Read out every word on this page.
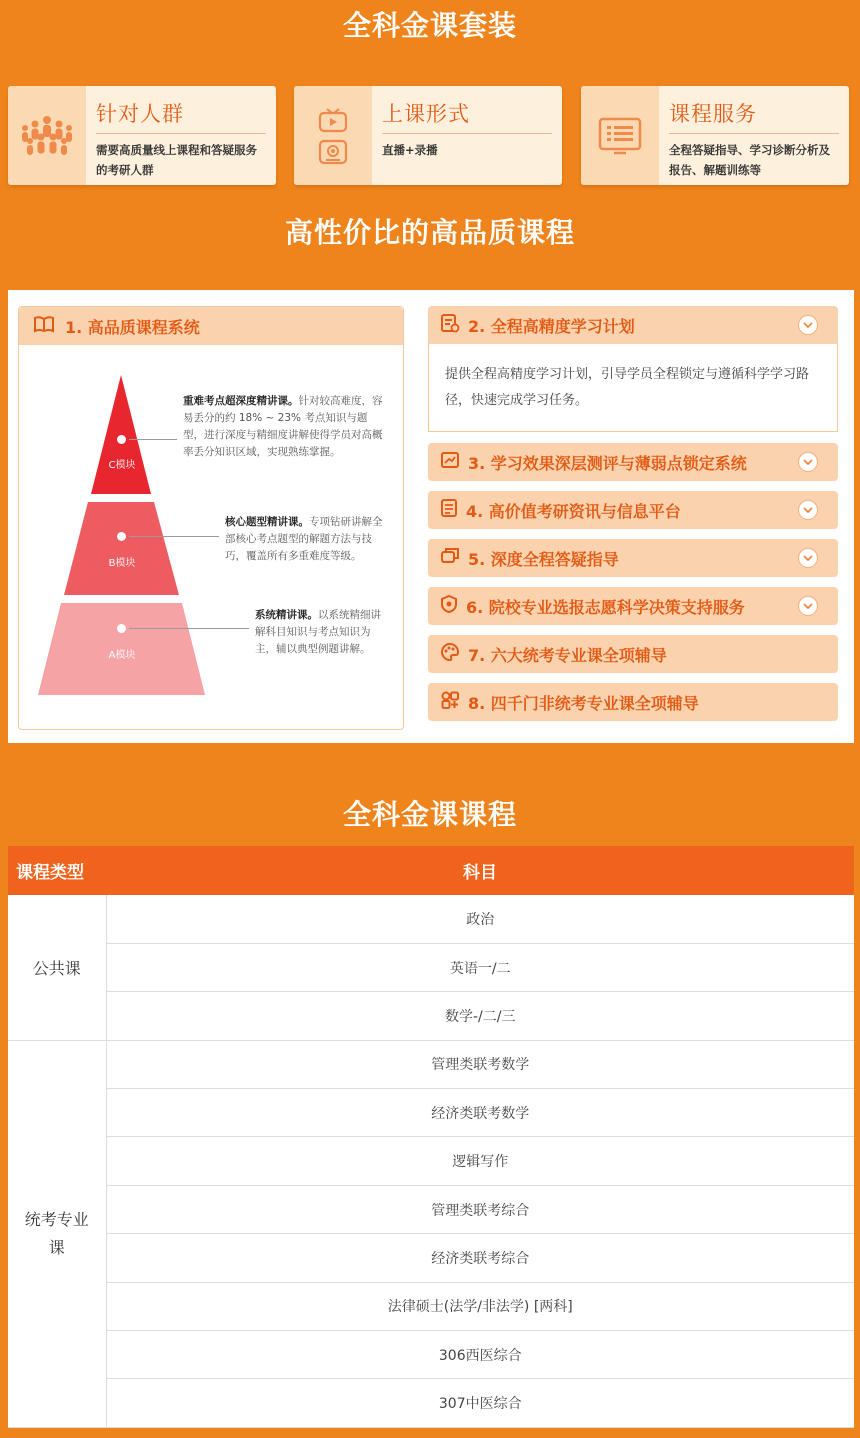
全科金课套装
针对人群
需要高质量线上课程和答疑服务的考研人群
上课形式
直播+录播
课程服务
全程答疑指导、学习诊断分析及报告、解题训练等
高性价比的高品质课程
1. 高品质课程系统
C模块
B模块
A模块
重难考点超深度精讲课。针对较高难度，容易丢分的约 18% ~ 23% 考点知识与题型，进行深度与精细度讲解使得学员对高概率丢分知识区域，实现熟练掌握。
核心题型精讲课。专项钻研讲解全部核心考点题型的解题方法与技巧，覆盖所有多重难度等级。
系统精讲课。以系统精细讲解科目知识与考点知识为主，辅以典型例题讲解。
2. 全程高精度学习计划
提供全程高精度学习计划，引导学员全程锁定与遵循科学学习路径，快速完成学习任务。
3. 学习效果深层测评与薄弱点锁定系统
4. 高价值考研资讯与信息平台
5. 深度全程答疑指导
6. 院校专业选报志愿科学决策支持服务
7. 六大统考专业课全项辅导
8. 四千门非统考专业课全项辅导
全科金课课程
课程类型	科目
公共课	政治
	英语一/二
	数学-/二/三
统考专业课	管理类联考数学
	经济类联考数学
	逻辑写作
	管理类联考综合
	经济类联考综合
	法律硕士(法学/非法学) [两科]
	306西医综合
	307中医综合
